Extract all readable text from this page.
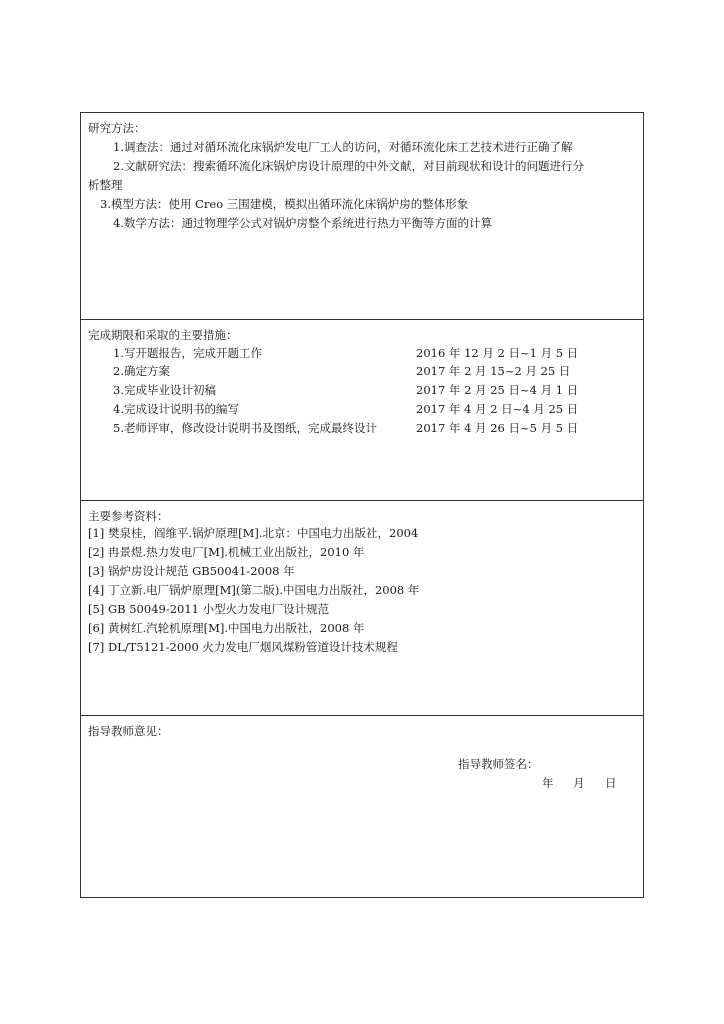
研究方法：
1.调查法：通过对循环流化床锅炉发电厂工人的访问，对循环流化床工艺技术进行正确了解
2.文献研究法：搜索循环流化床锅炉房设计原理的中外文献，对目前现状和设计的问题进行分
析整理
3.模型方法：使用 Creo 三围建模，模拟出循环流化床锅炉房的整体形象
4.数学方法：通过物理学公式对锅炉房整个系统进行热力平衡等方面的计算
完成期限和采取的主要措施：
1.写开题报告，完成开题工作	2016 年 12 月 2 日~1 月 5 日
2.确定方案	2017 年 2 月 15~2 月 25 日
3.完成毕业设计初稿	2017 年 2 月 25 日~4 月 1 日
4.完成设计说明书的编写	2017 年 4 月 2 日~4 月 25 日
5.老师评审，修改设计说明书及图纸，完成最终设计	2017 年 4 月 26 日~5 月 5 日
主要参考资料：
[1] 樊泉桂，阎维平.锅炉原理[M].北京：中国电力出版社，2004
[2] 冉景煜.热力发电厂[M].机械工业出版社，2010 年
[3] 锅炉房设计规范 GB50041-2008 年
[4] 丁立新.电厂锅炉原理[M](第二版).中国电力出版社，2008 年
[5] GB 50049-2011 小型火力发电厂设计规范
[6] 黄树红.汽轮机原理[M].中国电力出版社，2008 年
[7] DL/T5121-2000 火力发电厂烟风煤粉管道设计技术规程
指导教师意见：
指导教师签名：
年 月 日
